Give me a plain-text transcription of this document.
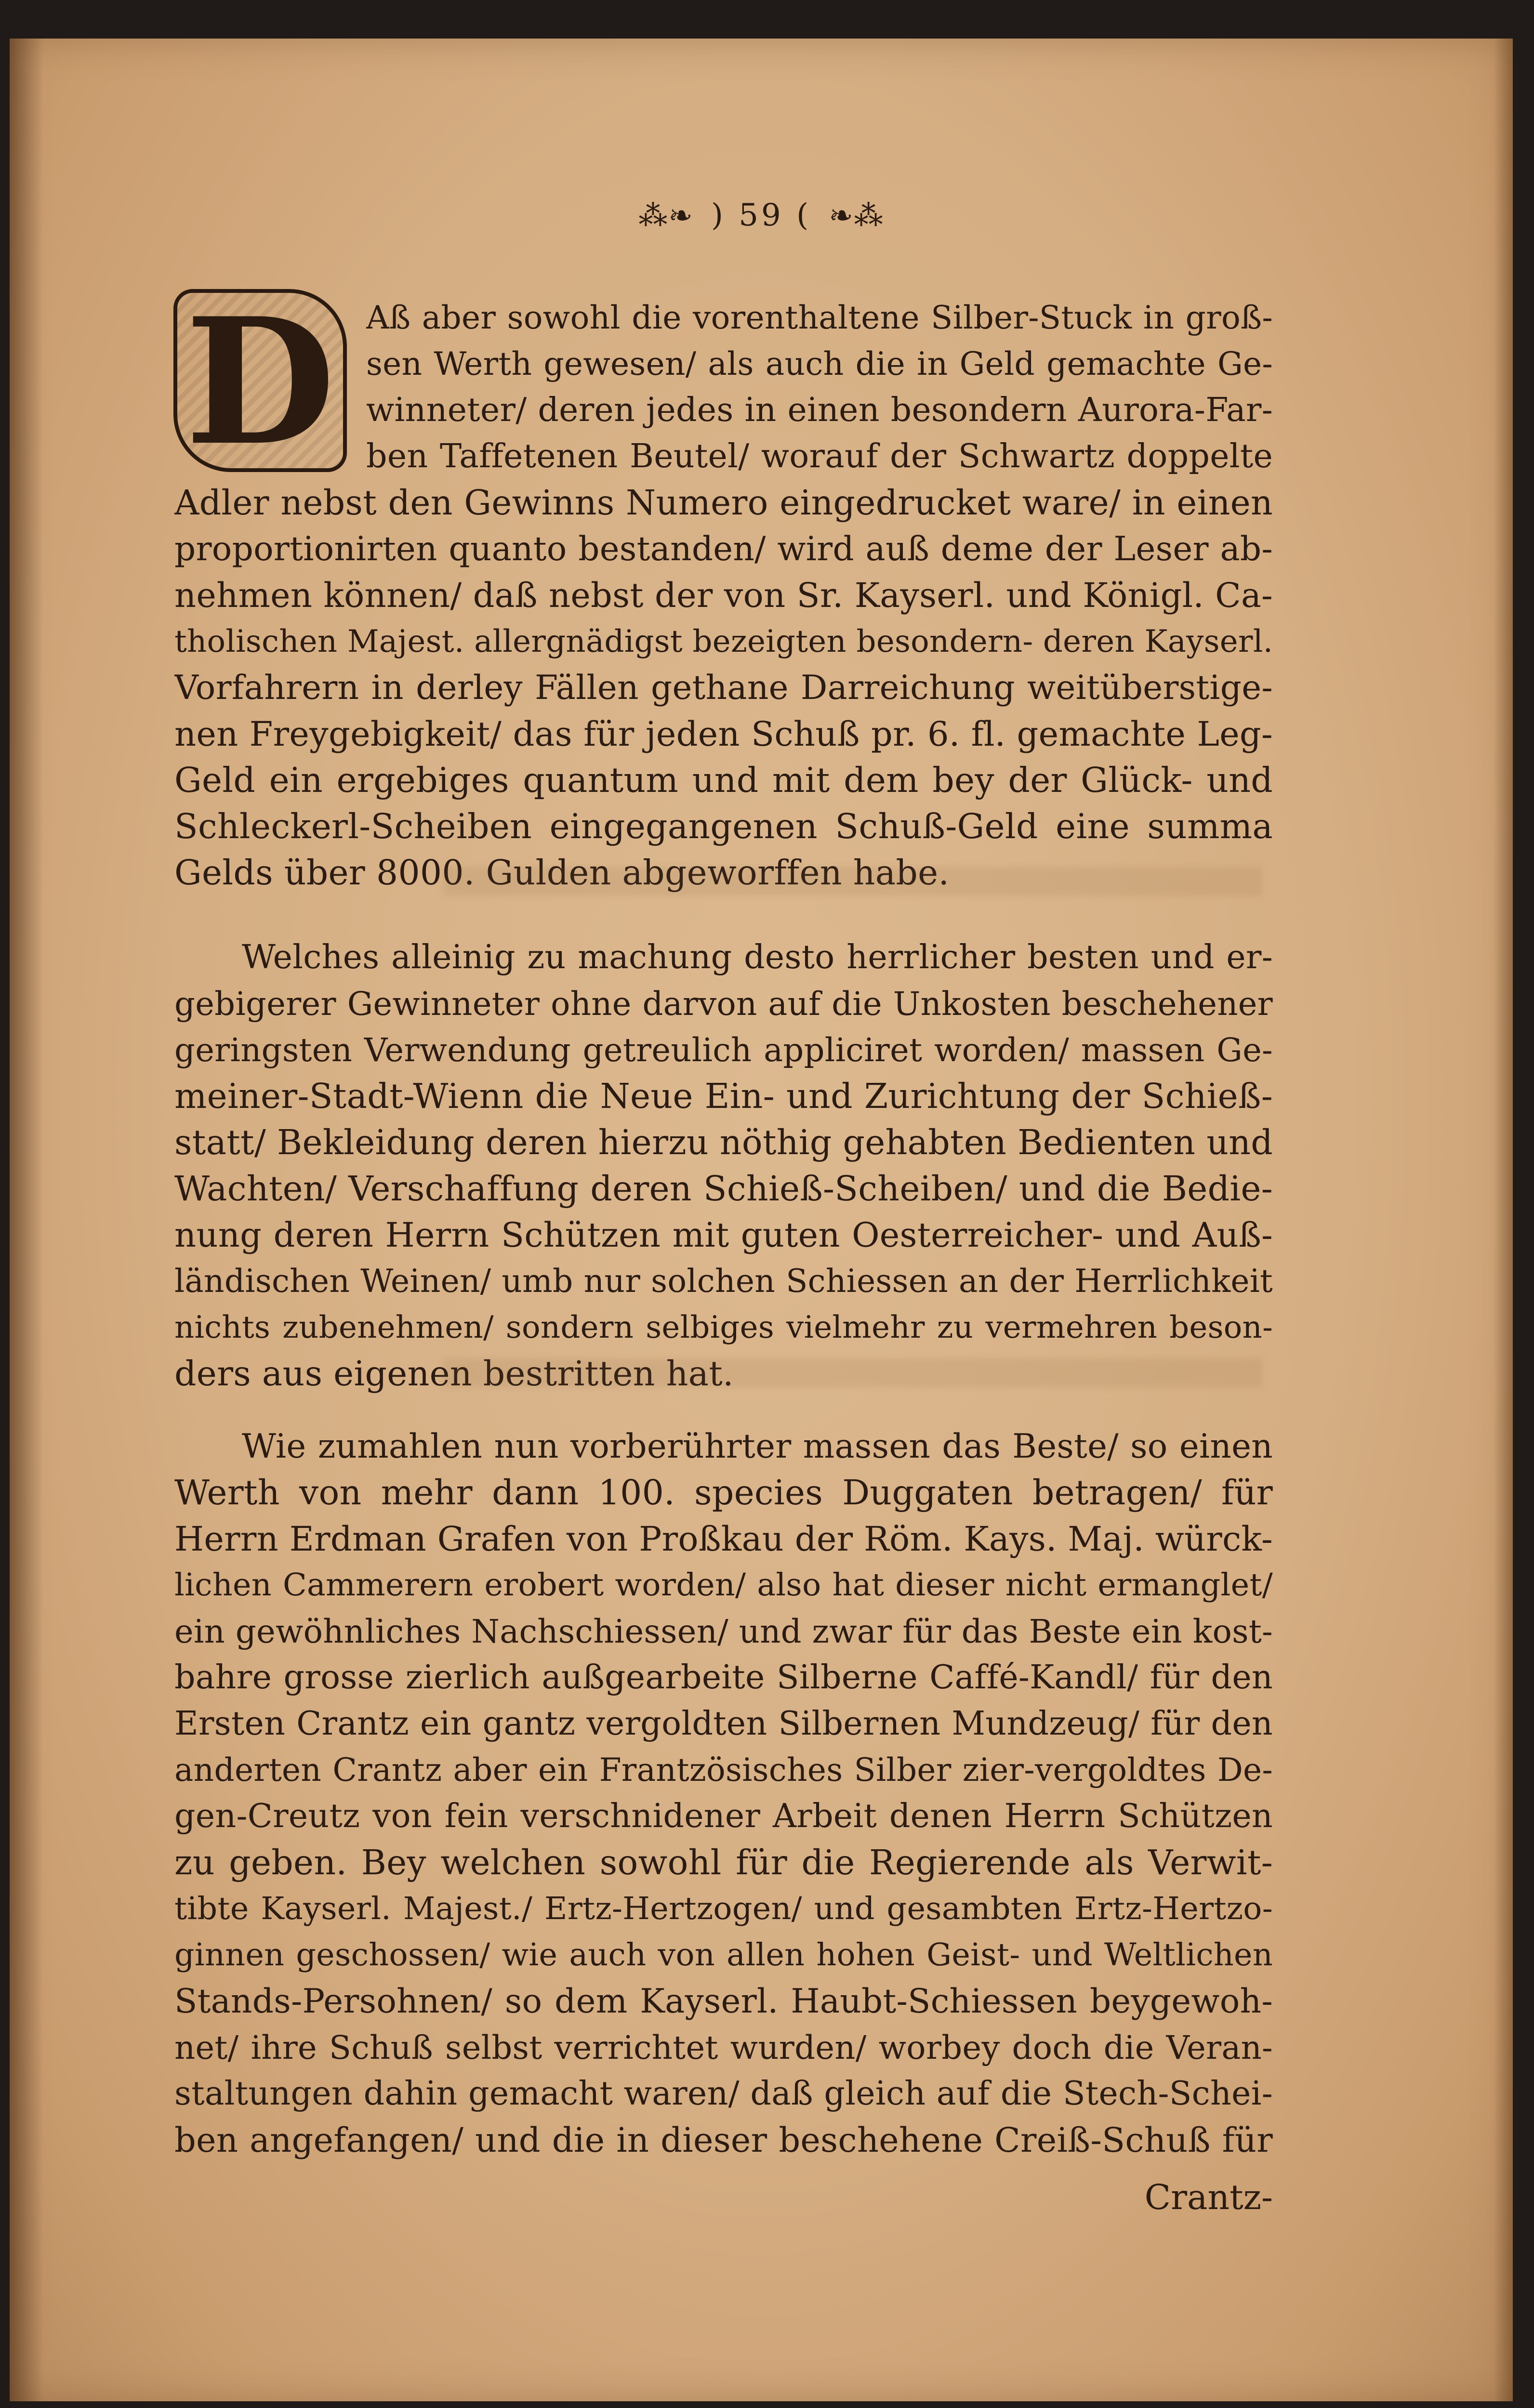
⁂❧ ) 59 ( ❧⁂
D Aß aber sowohl die vorenthaltene Silber-Stuck in groß-
sen Werth gewesen/ als auch die in Geld gemachte Ge-
winneter/ deren jedes in einen besondern Aurora-Far-
ben Taffetenen Beutel/ worauf der Schwartz doppelte
Adler nebst den Gewinns Numero eingedrucket ware/ in einen
proportionirten quanto bestanden/ wird auß deme der Leser ab-
nehmen können/ daß nebst der von Sr. Kayserl. und Königl. Ca-
tholischen Majest. allergnädigst bezeigten besondern- deren Kayserl.
Vorfahrern in derley Fällen gethane Darreichung weitüberstige-
nen Freygebigkeit/ das für jeden Schuß pr. 6. fl. gemachte Leg-
Geld ein ergebiges quantum und mit dem bey der Glück- und
Schleckerl-Scheiben eingegangenen Schuß-Geld eine summa
Gelds über 8000. Gulden abgeworffen habe.
Welches alleinig zu machung desto herrlicher besten und er-
gebigerer Gewinneter ohne darvon auf die Unkosten beschehener
geringsten Verwendung getreulich appliciret worden/ massen Ge-
meiner-Stadt-Wienn die Neue Ein- und Zurichtung der Schieß-
statt/ Bekleidung deren hierzu nöthig gehabten Bedienten und
Wachten/ Verschaffung deren Schieß-Scheiben/ und die Bedie-
nung deren Herrn Schützen mit guten Oesterreicher- und Auß-
ländischen Weinen/ umb nur solchen Schiessen an der Herrlichkeit
nichts zubenehmen/ sondern selbiges vielmehr zu vermehren beson-
ders aus eigenen bestritten hat.
Wie zumahlen nun vorberührter massen das Beste/ so einen
Werth von mehr dann 100. species Duggaten betragen/ für
Herrn Erdman Grafen von Proßkau der Röm. Kays. Maj. würck-
lichen Cammerern erobert worden/ also hat dieser nicht ermanglet/
ein gewöhnliches Nachschiessen/ und zwar für das Beste ein kost-
bahre grosse zierlich außgearbeite Silberne Caffé-Kandl/ für den
Ersten Crantz ein gantz vergoldten Silbernen Mundzeug/ für den
anderten Crantz aber ein Frantzösisches Silber zier-vergoldtes De-
gen-Creutz von fein verschnidener Arbeit denen Herrn Schützen
zu geben. Bey welchen sowohl für die Regierende als Verwit-
tibte Kayserl. Majest./ Ertz-Hertzogen/ und gesambten Ertz-Hertzo-
ginnen geschossen/ wie auch von allen hohen Geist- und Weltlichen
Stands-Persohnen/ so dem Kayserl. Haubt-Schiessen beygewoh-
net/ ihre Schuß selbst verrichtet wurden/ worbey doch die Veran-
staltungen dahin gemacht waren/ daß gleich auf die Stech-Schei-
ben angefangen/ und die in dieser beschehene Creiß-Schuß für
Crantz-
